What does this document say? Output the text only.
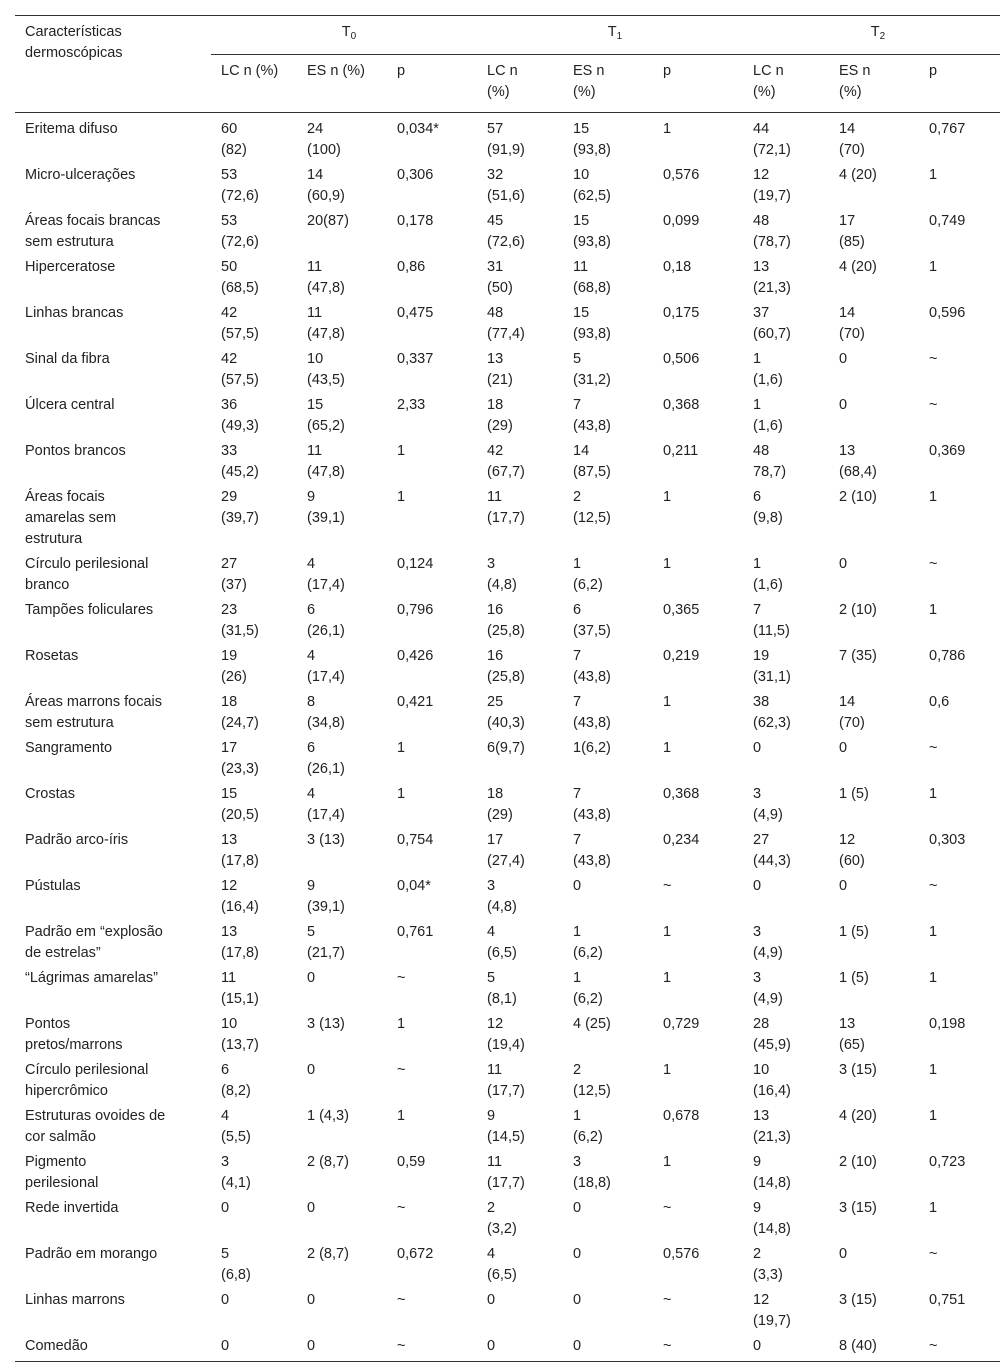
Características
dermoscópicas	$T_0$			$T_1$			$T_2$

	LC n (%)	ES n (%)	p	LC n
(%)	ES n
(%)	p	LC n
(%)	ES n
(%)	p

Eritema difuso	60
(82)	24
(100)	0,034*	57
(91,9)	15
(93,8)	1	44
(72,1)	14
(70)	0,767

Micro-ulcerações	53
(72,6)	14
(60,9)	0,306	32
(51,6)	10
(62,5)	0,576	12
(19,7)	4 (20)	1

Áreas focais brancas
sem estrutura	53
(72,6)	20(87)	0,178	45
(72,6)	15
(93,8)	0,099	48
(78,7)	17
(85)	0,749

Hiperceratose	50
(68,5)	11
(47,8)	0,86	31
(50)	11
(68,8)	0,18	13
(21,3)	4 (20)	1

Linhas brancas	42
(57,5)	11
(47,8)	0,475	48
(77,4)	15
(93,8)	0,175	37
(60,7)	14
(70)	0,596

Sinal da fibra	42
(57,5)	10
(43,5)	0,337	13
(21)	5
(31,2)	0,506	1
(1,6)	0	~

Úlcera central	36
(49,3)	15
(65,2)	2,33	18
(29)	7
(43,8)	0,368	1
(1,6)	0	~

Pontos brancos	33
(45,2)	11
(47,8)	1	42
(67,7)	14
(87,5)	0,211	48
78,7)	13
(68,4)	0,369

Áreas focais
amarelas sem
estrutura	29
(39,7)	9
(39,1)	1	11
(17,7)	2
(12,5)	1	6
(9,8)	2 (10)	1

Círculo perilesional
branco	27
(37)	4
(17,4)	0,124	3
(4,8)	1
(6,2)	1	1
(1,6)	0	~

Tampões foliculares	23
(31,5)	6
(26,1)	0,796	16
(25,8)	6
(37,5)	0,365	7
(11,5)	2 (10)	1

Rosetas	19
(26)	4
(17,4)	0,426	16
(25,8)	7
(43,8)	0,219	19
(31,1)	7 (35)	0,786

Áreas marrons focais
sem estrutura	18
(24,7)	8
(34,8)	0,421	25
(40,3)	7
(43,8)	1	38
(62,3)	14
(70)	0,6

Sangramento	17
(23,3)	6
(26,1)	1	6(9,7)	1(6,2)	1	0	0	~

Crostas	15
(20,5)	4
(17,4)	1	18
(29)	7
(43,8)	0,368	3
(4,9)	1 (5)	1

Padrão arco-íris	13
(17,8)	3 (13)	0,754	17
(27,4)	7
(43,8)	0,234	27
(44,3)	12
(60)	0,303

Pústulas	12
(16,4)	9
(39,1)	0,04*	3
(4,8)	0	~	0	0	~

Padrão em “explosão
de estrelas”	13
(17,8)	5
(21,7)	0,761	4
(6,5)	1
(6,2)	1	3
(4,9)	1 (5)	1

“Lágrimas amarelas”	11
(15,1)	0	~	5
(8,1)	1
(6,2)	1	3
(4,9)	1 (5)	1

Pontos
pretos/marrons	10
(13,7)	3 (13)	1	12
(19,4)	4 (25)	0,729	28
(45,9)	13
(65)	0,198

Círculo perilesional
hipercrômico	6
(8,2)	0	~	11
(17,7)	2
(12,5)	1	10
(16,4)	3 (15)	1

Estruturas ovoides de
cor salmão	4
(5,5)	1 (4,3)	1	9
(14,5)	1
(6,2)	0,678	13
(21,3)	4 (20)	1

Pigmento
perilesional	3
(4,1)	2 (8,7)	0,59	11
(17,7)	3
(18,8)	1	9
(14,8)	2 (10)	0,723

Rede invertida	0	0	~	2
(3,2)	0	~	9
(14,8)	3 (15)	1

Padrão em morango	5
(6,8)	2 (8,7)	0,672	4
(6,5)	0	0,576	2
(3,3)	0	~

Linhas marrons	0	0	~	0	0	~	12
(19,7)	3 (15)	0,751

Comedão	0	0	~	0	0	~	0	8 (40)	~
